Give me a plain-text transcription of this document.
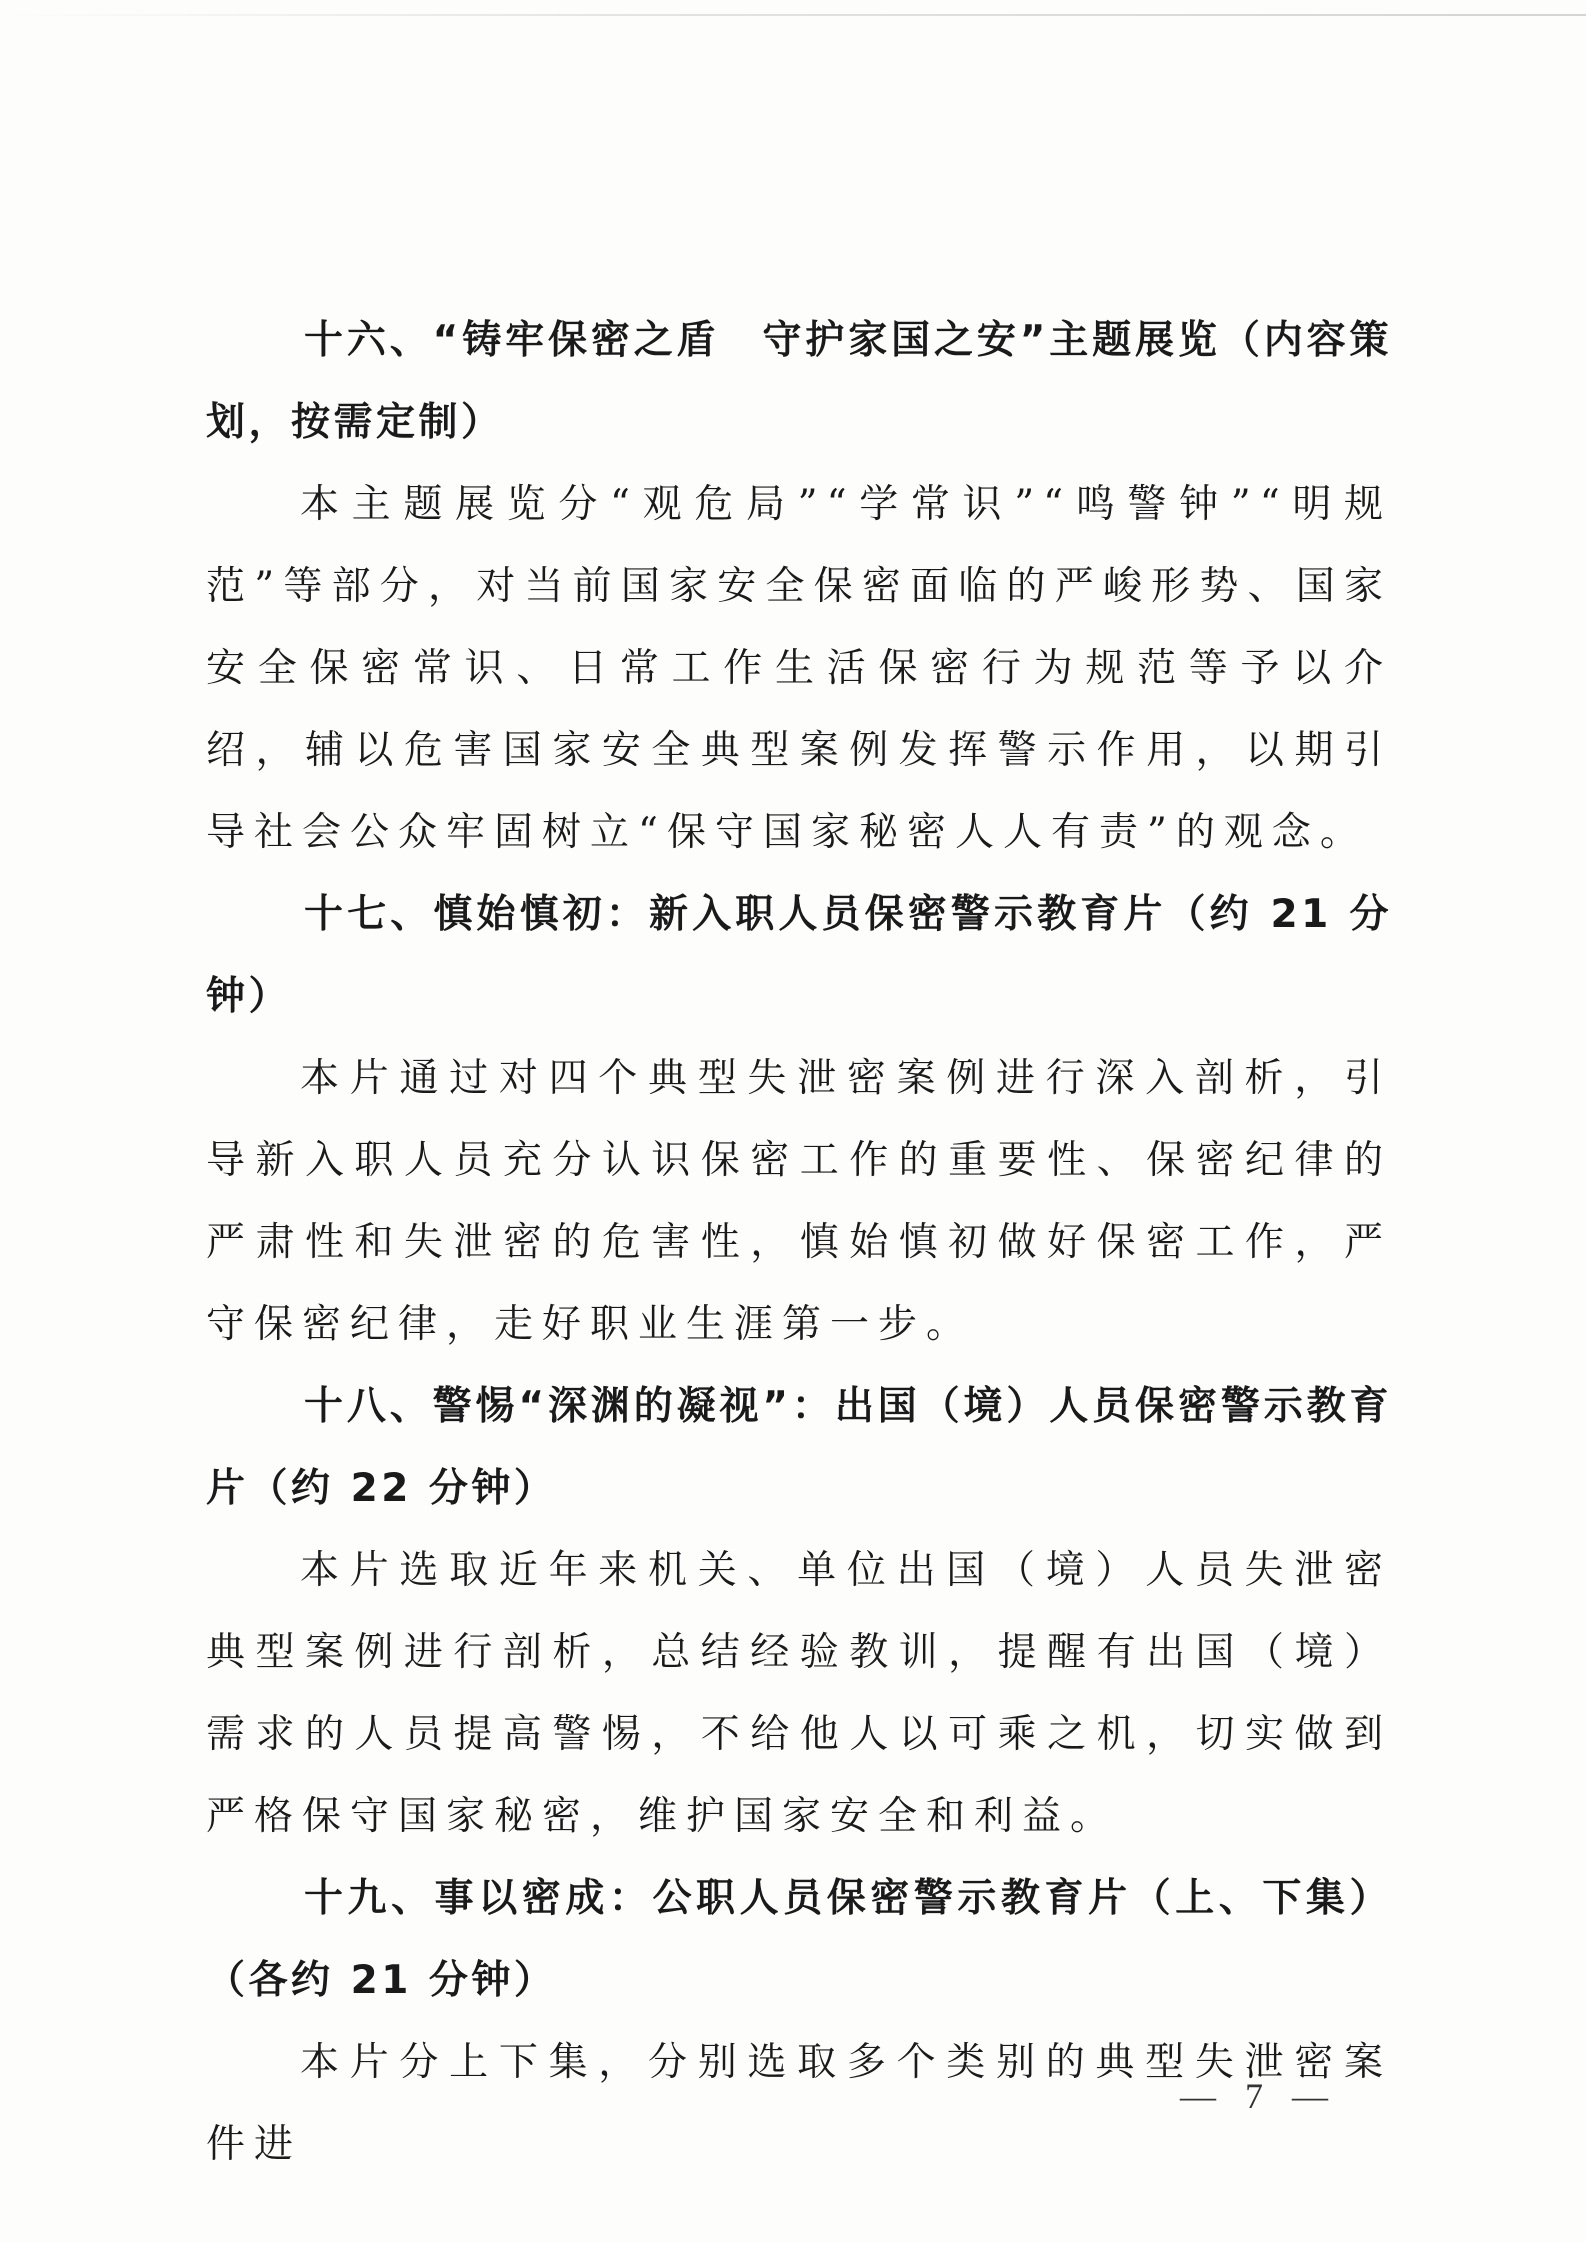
十六、“铸牢保密之盾　守护家国之安”主题展览（内容策划，按需定制）

本主题展览分“观危局”“学常识”“鸣警钟”“明规范”等部分，对当前国家安全保密面临的严峻形势、国家安全保密常识、日常工作生活保密行为规范等予以介绍，辅以危害国家安全典型案例发挥警示作用，以期引导社会公众牢固树立“保守国家秘密人人有责”的观念。

十七、慎始慎初：新入职人员保密警示教育片（约 21 分钟）

本片通过对四个典型失泄密案例进行深入剖析，引导新入职人员充分认识保密工作的重要性、保密纪律的严肃性和失泄密的危害性，慎始慎初做好保密工作，严守保密纪律，走好职业生涯第一步。

十八、警惕“深渊的凝视”：出国（境）人员保密警示教育片（约 22 分钟）

本片选取近年来机关、单位出国（境）人员失泄密典型案例进行剖析，总结经验教训，提醒有出国（境）需求的人员提高警惕，不给他人以可乘之机，切实做到严格保守国家秘密，维护国家安全和利益。

十九、事以密成：公职人员保密警示教育片（上、下集）（各约 21 分钟）

本片分上下集，分别选取多个类别的典型失泄密案件进

— 7 —
